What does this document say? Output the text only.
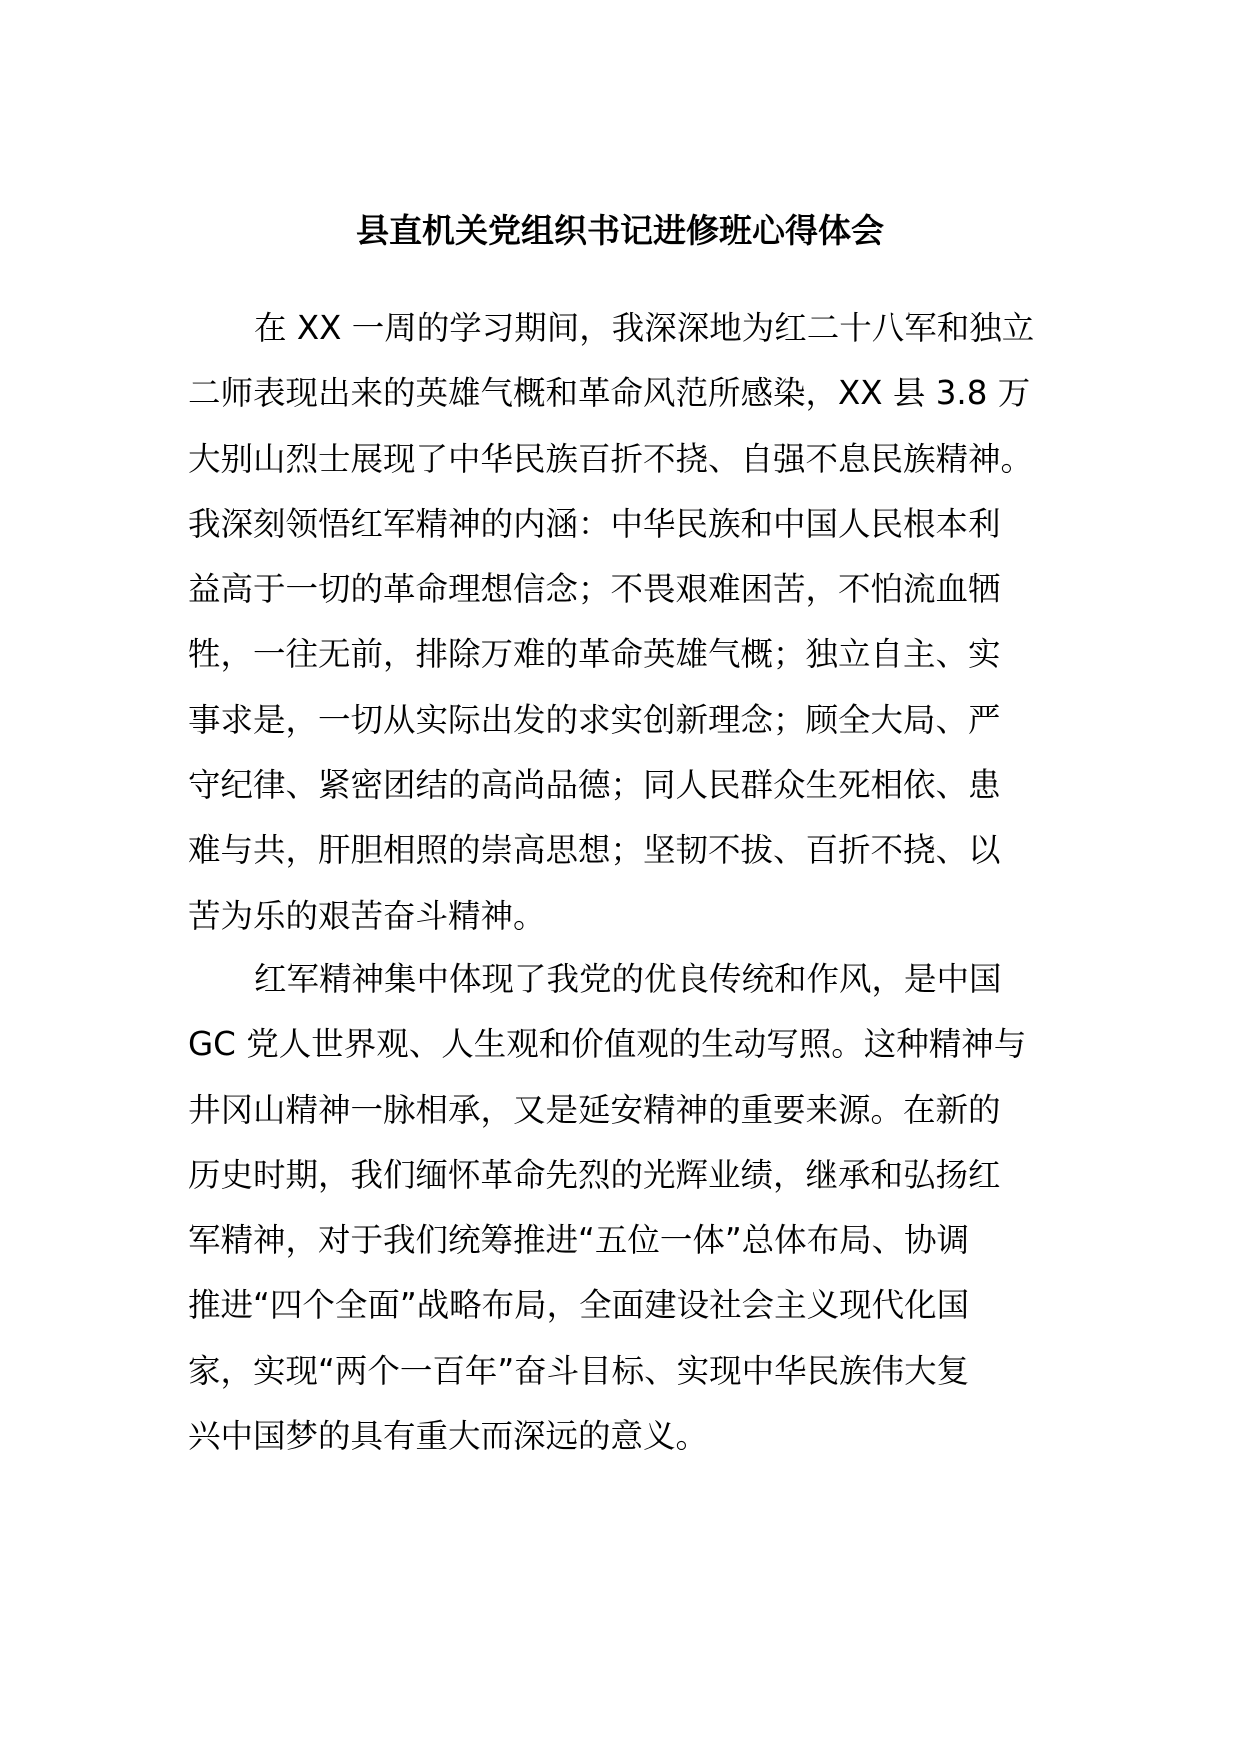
县直机关党组织书记进修班心得体会
在 XX 一周的学习期间，我深深地为红二十八军和独立
二师表现出来的英雄气概和革命风范所感染，XX 县 3.8 万
大别山烈士展现了中华民族百折不挠、自强不息民族精神。
我深刻领悟红军精神的内涵：中华民族和中国人民根本利
益高于一切的革命理想信念；不畏艰难困苦，不怕流血牺
牲，一往无前，排除万难的革命英雄气概；独立自主、实
事求是，一切从实际出发的求实创新理念；顾全大局、严
守纪律、紧密团结的高尚品德；同人民群众生死相依、患
难与共，肝胆相照的崇高思想；坚韧不拔、百折不挠、以
苦为乐的艰苦奋斗精神。
红军精神集中体现了我党的优良传统和作风，是中国
GC 党人世界观、人生观和价值观的生动写照。这种精神与
井冈山精神一脉相承，又是延安精神的重要来源。在新的
历史时期，我们缅怀革命先烈的光辉业绩，继承和弘扬红
军精神，对于我们统筹推进“五位一体”总体布局、协调
推进“四个全面”战略布局，全面建设社会主义现代化国
家，实现“两个一百年”奋斗目标、实现中华民族伟大复
兴中国梦的具有重大而深远的意义。
